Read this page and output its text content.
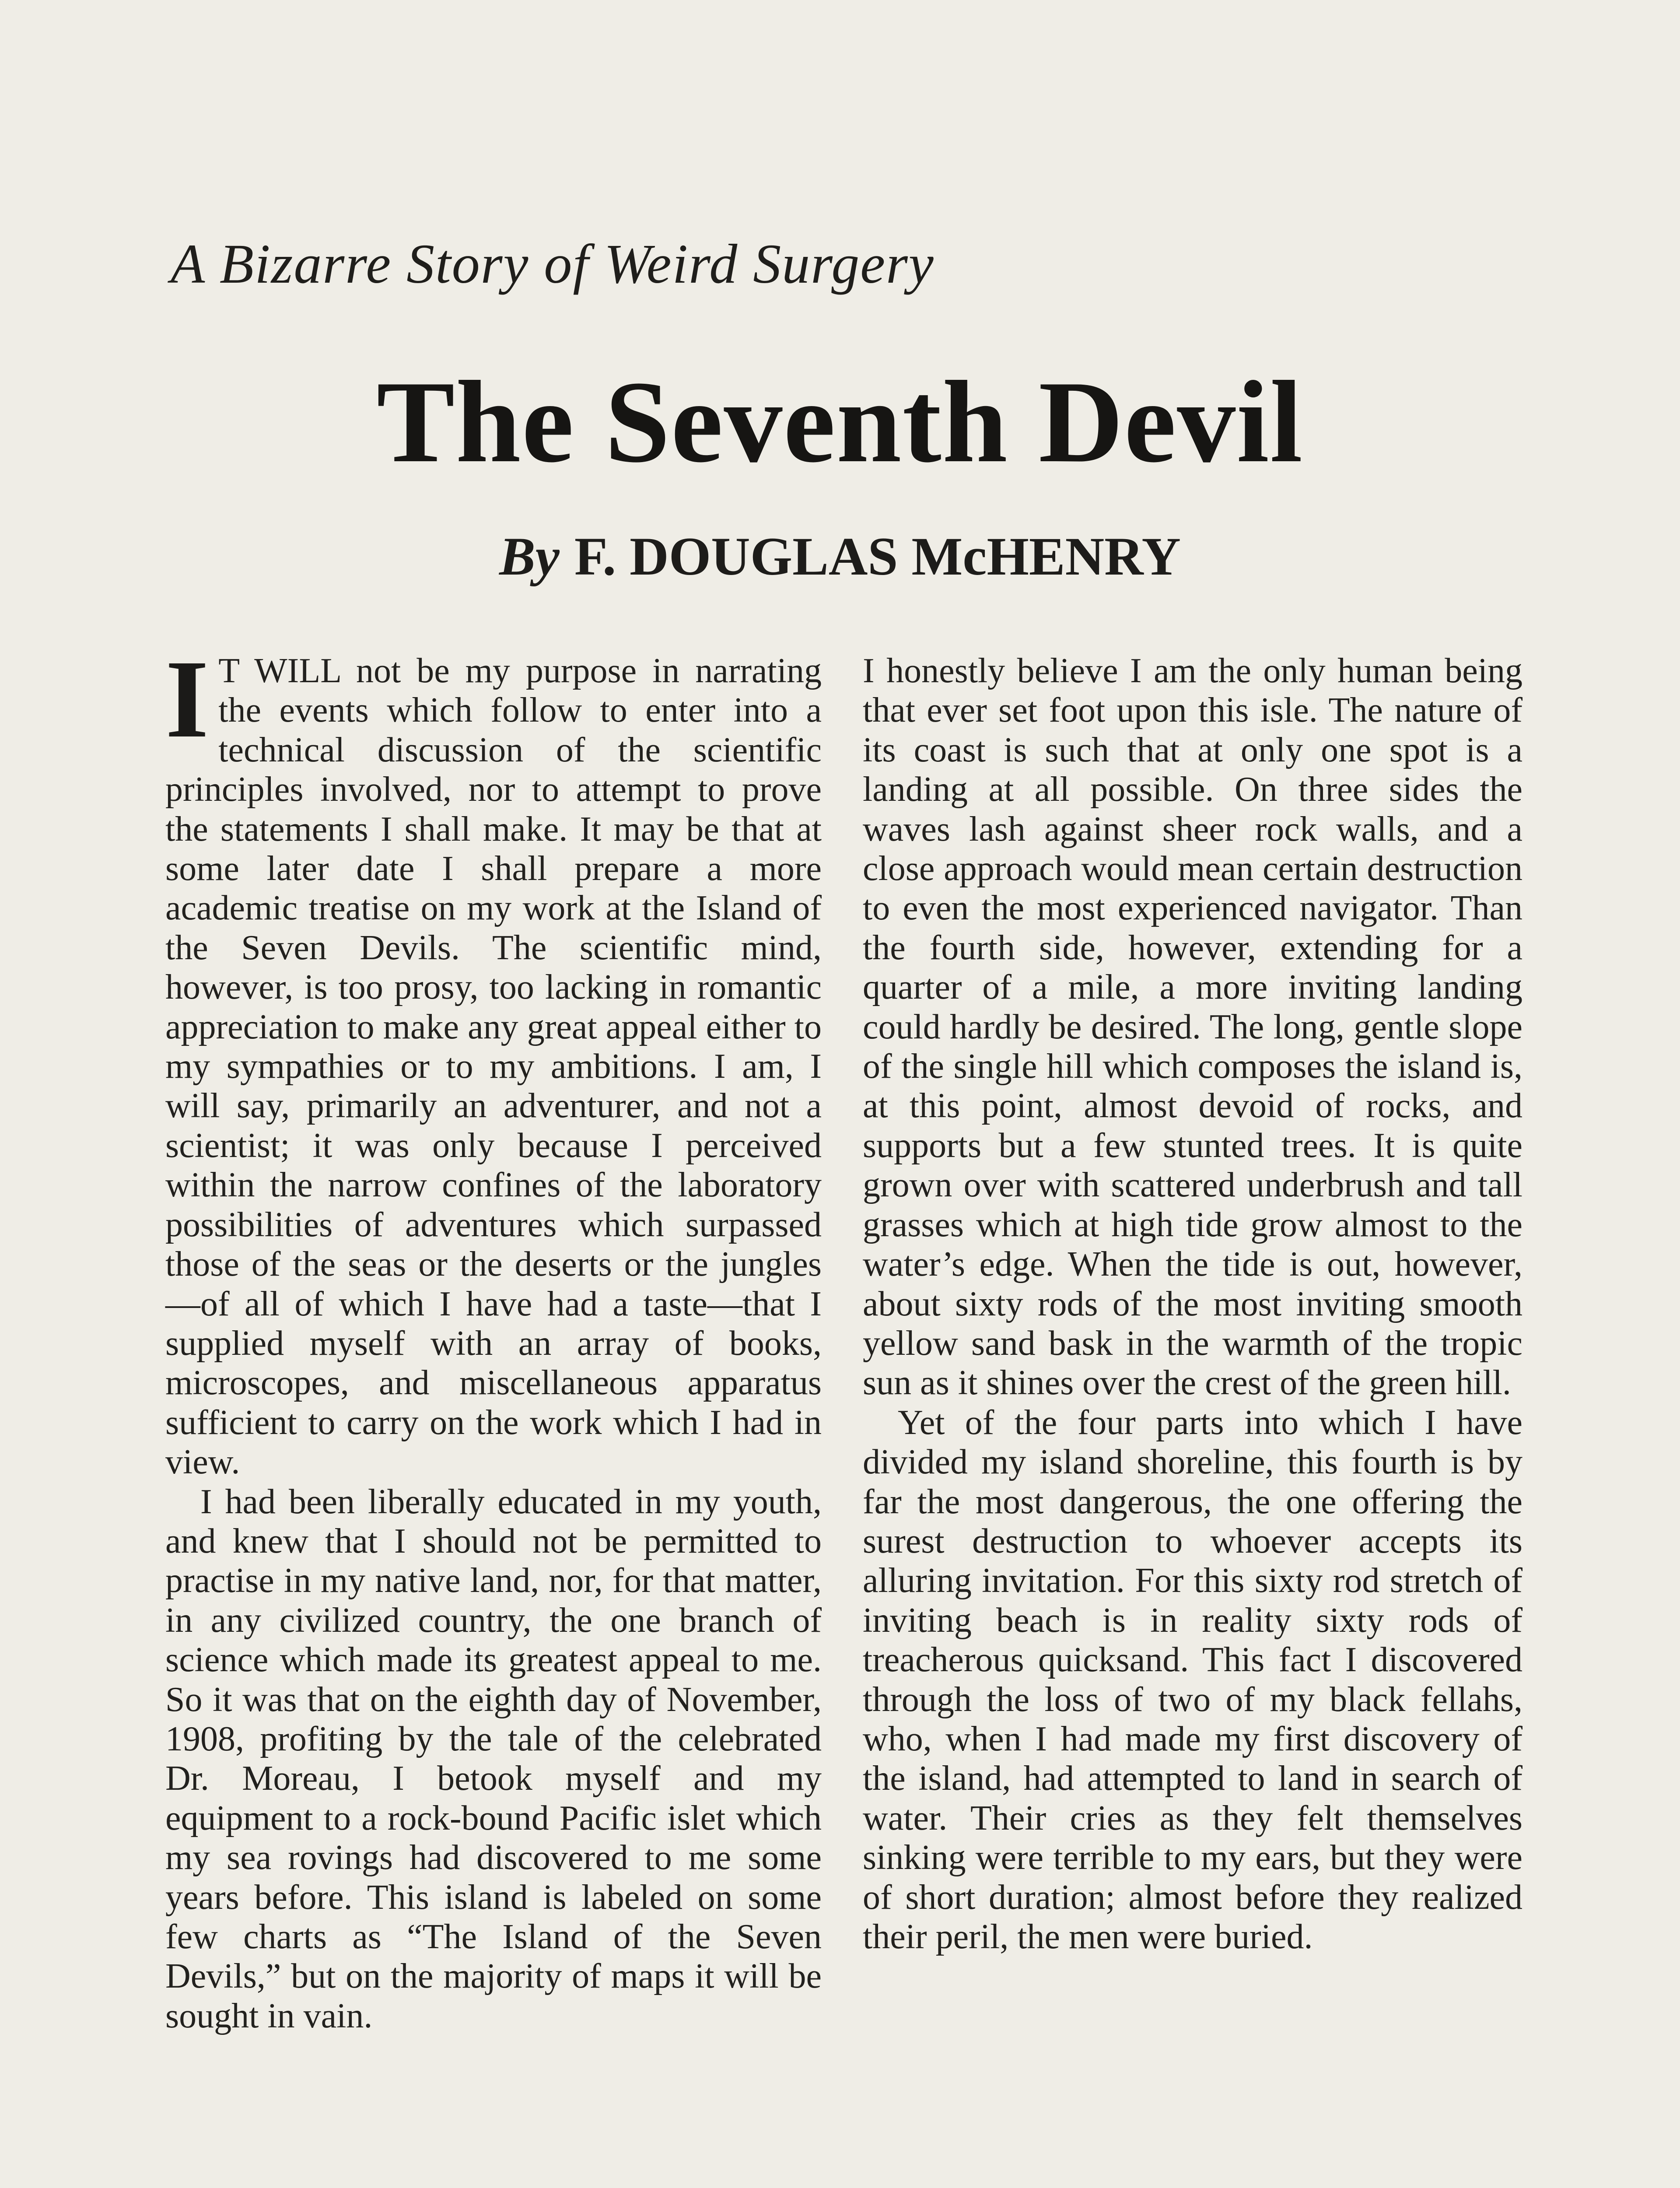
A Bizarre Story of Weird Surgery
The Seventh Devil
By F. DOUGLAS McHENRY

I T WILL not be my purpose in narrating the events which follow to enter into a technical discussion of the scientific principles involved, nor to attempt to prove the statements I shall make. It may be that at some later date I shall prepare a more academic treatise on my work at the Island of the Seven Devils. The scientific mind, however, is too prosy, too lacking in romantic appreciation to make any great appeal either to my sympathies or to my ambitions. I am, I will say, primarily an adventurer, and not a scientist; it was only because I perceived within the narrow confines of the laboratory possibilities of adventures which surpassed those of the seas or the deserts or the jungles—of all of which I have had a taste—that I supplied myself with an array of books, microscopes, and miscellaneous apparatus sufficient to carry on the work which I had in view.

I had been liberally educated in my youth, and knew that I should not be permitted to practise in my native land, nor, for that matter, in any civilized country, the one branch of science which made its greatest appeal to me. So it was that on the eighth day of November, 1908, profiting by the tale of the celebrated Dr. Moreau, I betook myself and my equipment to a rock-bound Pacific islet which my sea rovings had discovered to me some years before. This island is labeled on some few charts as “The Island of the Seven Devils,” but on the majority of maps it will be sought in vain.

I honestly believe I am the only human being that ever set foot upon this isle. The nature of its coast is such that at only one spot is a landing at all possible. On three sides the waves lash against sheer rock walls, and a close approach would mean certain destruction to even the most experienced navigator. Than the fourth side, however, extending for a quarter of a mile, a more inviting landing could hardly be desired. The long, gentle slope of the single hill which composes the island is, at this point, almost devoid of rocks, and supports but a few stunted trees. It is quite grown over with scattered underbrush and tall grasses which at high tide grow almost to the water’s edge. When the tide is out, however, about sixty rods of the most inviting smooth yellow sand bask in the warmth of the tropic sun as it shines over the crest of the green hill.

Yet of the four parts into which I have divided my island shoreline, this fourth is by far the most dangerous, the one offering the surest destruction to whoever accepts its alluring invitation. For this sixty rod stretch of inviting beach is in reality sixty rods of treacherous quicksand. This fact I discovered through the loss of two of my black fellahs, who, when I had made my first discovery of the island, had attempted to land in search of water. Their cries as they felt themselves sinking were terrible to my ears, but they were of short duration; almost before they realized their peril, the men were buried.
